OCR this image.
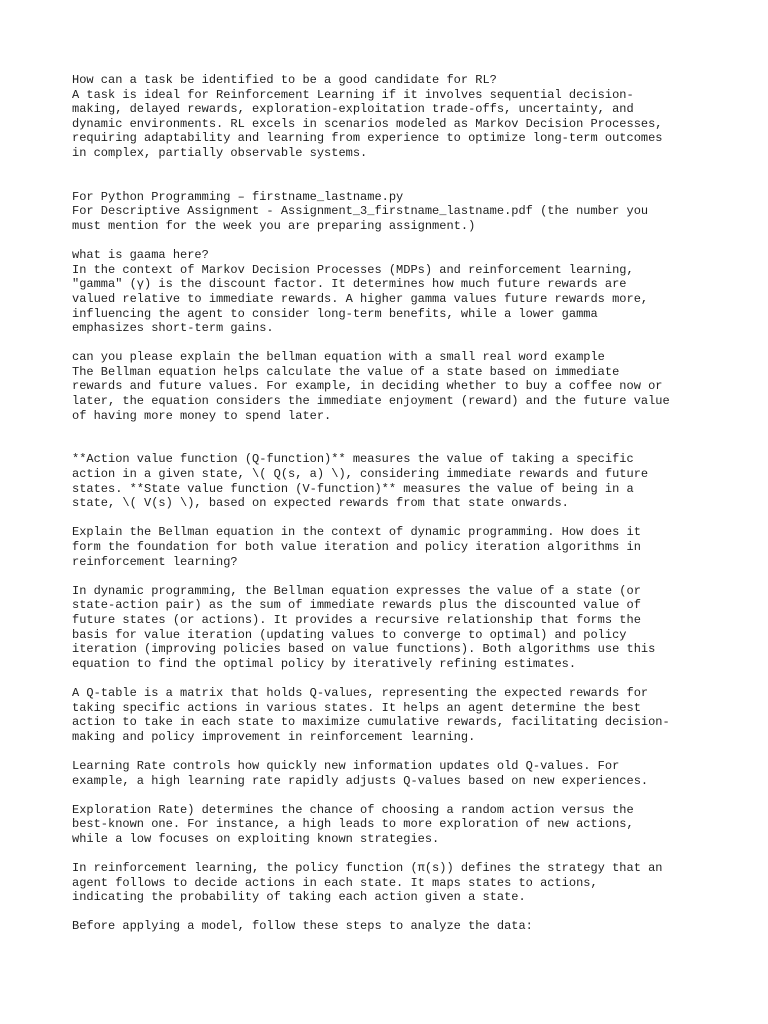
How can a task be identified to be a good candidate for RL?
A task is ideal for Reinforcement Learning if it involves sequential decision-
making, delayed rewards, exploration-exploitation trade-offs, uncertainty, and
dynamic environments. RL excels in scenarios modeled as Markov Decision Processes,
requiring adaptability and learning from experience to optimize long-term outcomes
in complex, partially observable systems.
For Python Programming – firstname_lastname.py
For Descriptive Assignment - Assignment_3_firstname_lastname.pdf (the number you
must mention for the week you are preparing assignment.)
what is gaama here?
In the context of Markov Decision Processes (MDPs) and reinforcement learning,
"gamma" (γ) is the discount factor. It determines how much future rewards are
valued relative to immediate rewards. A higher gamma values future rewards more,
influencing the agent to consider long-term benefits, while a lower gamma
emphasizes short-term gains.
can you please explain the bellman equation with a small real word example
The Bellman equation helps calculate the value of a state based on immediate
rewards and future values. For example, in deciding whether to buy a coffee now or
later, the equation considers the immediate enjoyment (reward) and the future value
of having more money to spend later.
**Action value function (Q-function)** measures the value of taking a specific
action in a given state, \( Q(s, a) \), considering immediate rewards and future
states. **State value function (V-function)** measures the value of being in a
state, \( V(s) \), based on expected rewards from that state onwards.
Explain the Bellman equation in the context of dynamic programming. How does it
form the foundation for both value iteration and policy iteration algorithms in
reinforcement learning?
In dynamic programming, the Bellman equation expresses the value of a state (or
state-action pair) as the sum of immediate rewards plus the discounted value of
future states (or actions). It provides a recursive relationship that forms the
basis for value iteration (updating values to converge to optimal) and policy
iteration (improving policies based on value functions). Both algorithms use this
equation to find the optimal policy by iteratively refining estimates.
A Q-table is a matrix that holds Q-values, representing the expected rewards for
taking specific actions in various states. It helps an agent determine the best
action to take in each state to maximize cumulative rewards, facilitating decision-
making and policy improvement in reinforcement learning.
Learning Rate controls how quickly new information updates old Q-values. For
example, a high learning rate rapidly adjusts Q-values based on new experiences.
Exploration Rate) determines the chance of choosing a random action versus the
best-known one. For instance, a high leads to more exploration of new actions,
while a low focuses on exploiting known strategies.
In reinforcement learning, the policy function (π(s)) defines the strategy that an
agent follows to decide actions in each state. It maps states to actions,
indicating the probability of taking each action given a state.
Before applying a model, follow these steps to analyze the data:
